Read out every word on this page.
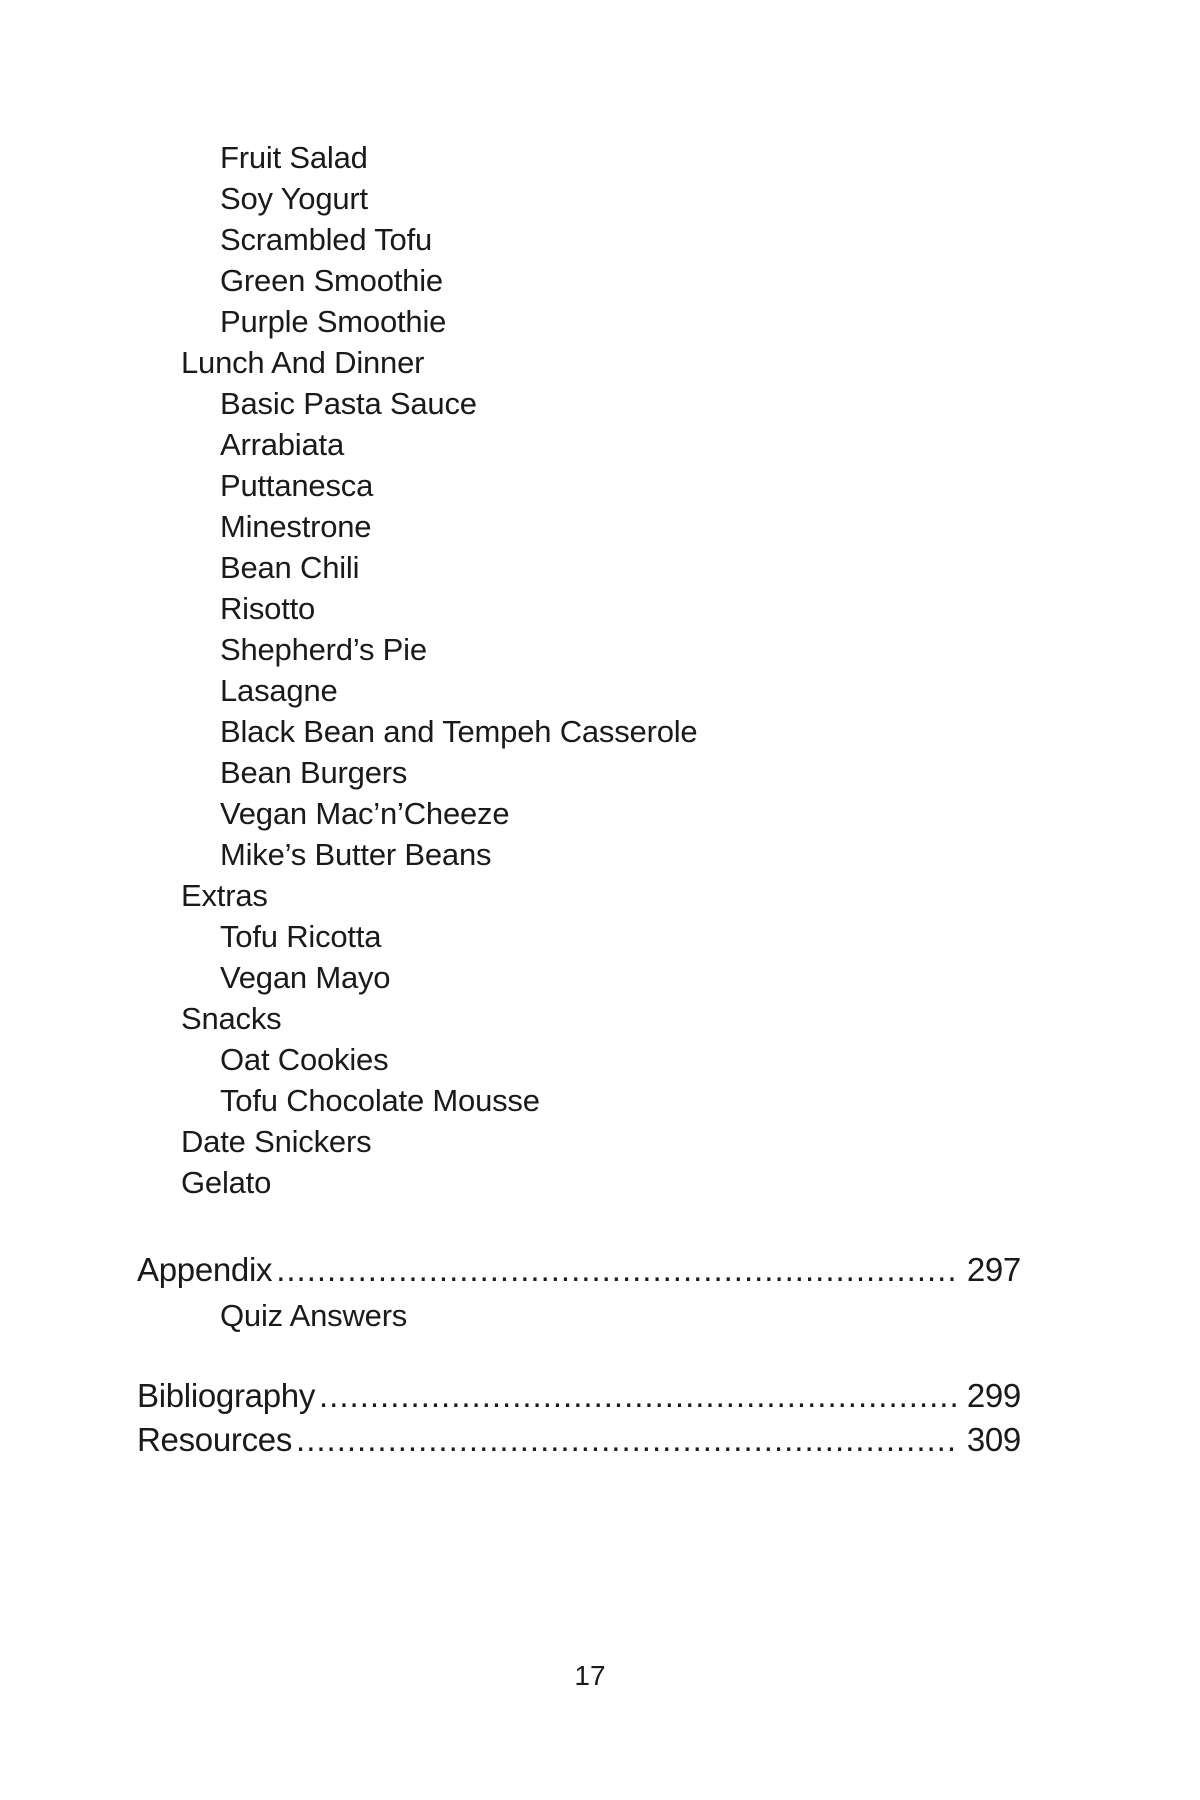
Fruit Salad
Soy Yogurt
Scrambled Tofu
Green Smoothie
Purple Smoothie
Lunch And Dinner
Basic Pasta Sauce
Arrabiata
Puttanesca
Minestrone
Bean Chili
Risotto
Shepherd’s Pie
Lasagne
Black Bean and Tempeh Casserole
Bean Burgers
Vegan Mac’n’Cheeze
Mike’s Butter Beans
Extras
Tofu Ricotta
Vegan Mayo
Snacks
Oat Cookies
Tofu Chocolate Mousse
Date Snickers
Gelato
Appendix .....	297
Quiz Answers
Bibliography .....	299
Resources .....	309
17
